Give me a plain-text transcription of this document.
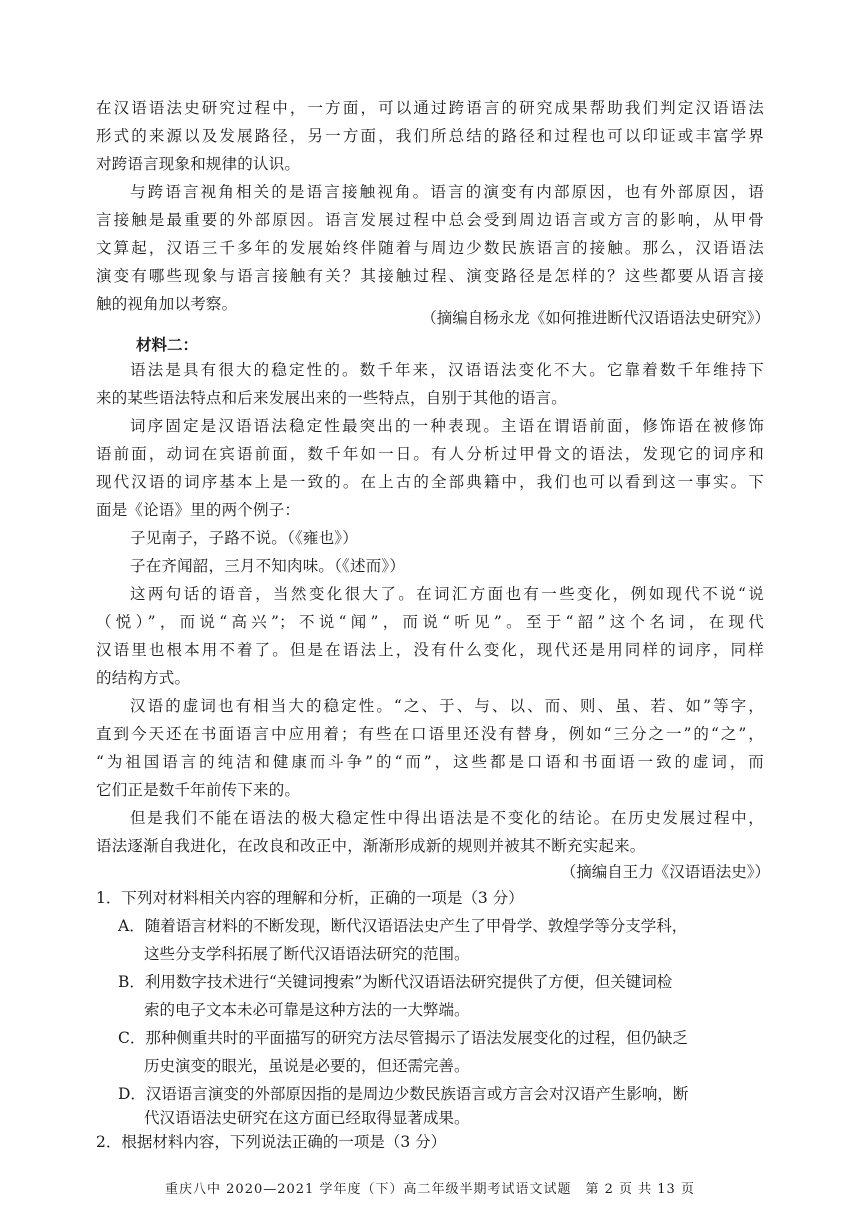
在汉语语法史研究过程中，一方面，可以通过跨语言的研究成果帮助我们判定汉语语法
形式的来源以及发展路径，另一方面，我们所总结的路径和过程也可以印证或丰富学界
对跨语言现象和规律的认识。
与跨语言视角相关的是语言接触视角。语言的演变有内部原因，也有外部原因，语
言接触是最重要的外部原因。语言发展过程中总会受到周边语言或方言的影响，从甲骨
文算起，汉语三千多年的发展始终伴随着与周边少数民族语言的接触。那么，汉语语法
演变有哪些现象与语言接触有关？其接触过程、演变路径是怎样的？这些都要从语言接
触的视角加以考察。
（摘编自杨永龙《如何推进断代汉语语法史研究》）
材料二：
语法是具有很大的稳定性的。数千年来，汉语语法变化不大。它靠着数千年维持下
来的某些语法特点和后来发展出来的一些特点，自别于其他的语言。
词序固定是汉语语法稳定性最突出的一种表现。主语在谓语前面，修饰语在被修饰
语前面，动词在宾语前面，数千年如一日。有人分析过甲骨文的语法，发现它的词序和
现代汉语的词序基本上是一致的。在上古的全部典籍中，我们也可以看到这一事实。下
面是《论语》里的两个例子：
子见南子，子路不说。（《雍也》）
子在齐闻韶，三月不知肉味。（《述而》）
这两句话的语音，当然变化很大了。在词汇方面也有一些变化，例如现代不说“说
（悦）”，而说“高兴”；不说“闻”，而说“听见”。至于“韶”这个名词，在现代
汉语里也根本用不着了。但是在语法上，没有什么变化，现代还是用同样的词序，同样
的结构方式。
汉语的虚词也有相当大的稳定性。“之、于、与、以、而、则、虽、若、如”等字，
直到今天还在书面语言中应用着；有些在口语里还没有替身，例如“三分之一”的“之”，
“为祖国语言的纯洁和健康而斗争”的“而”，这些都是口语和书面语一致的虚词，而
它们正是数千年前传下来的。
但是我们不能在语法的极大稳定性中得出语法是不变化的结论。在历史发展过程中，
语法逐渐自我进化，在改良和改正中，渐渐形成新的规则并被其不断充实起来。
（摘编自王力《汉语语法史》）
1．下列对材料相关内容的理解和分析，正确的一项是（3 分）
A．随着语言材料的不断发现，断代汉语语法史产生了甲骨学、敦煌学等分支学科，
这些分支学科拓展了断代汉语语法研究的范围。
B．利用数字技术进行“关键词搜索”为断代汉语语法研究提供了方便，但关键词检
索的电子文本未必可靠是这种方法的一大弊端。
C．那种侧重共时的平面描写的研究方法尽管揭示了语法发展变化的过程，但仍缺乏
历史演变的眼光，虽说是必要的，但还需完善。
D．汉语语言演变的外部原因指的是周边少数民族语言或方言会对汉语产生影响，断
重庆八中 2020—2021 学年度（下）高二年级半期考试语文试题　第 2 页 共 13 页
代汉语语法史研究在这方面已经取得显著成果。
2．根据材料内容，下列说法正确的一项是（3 分）
